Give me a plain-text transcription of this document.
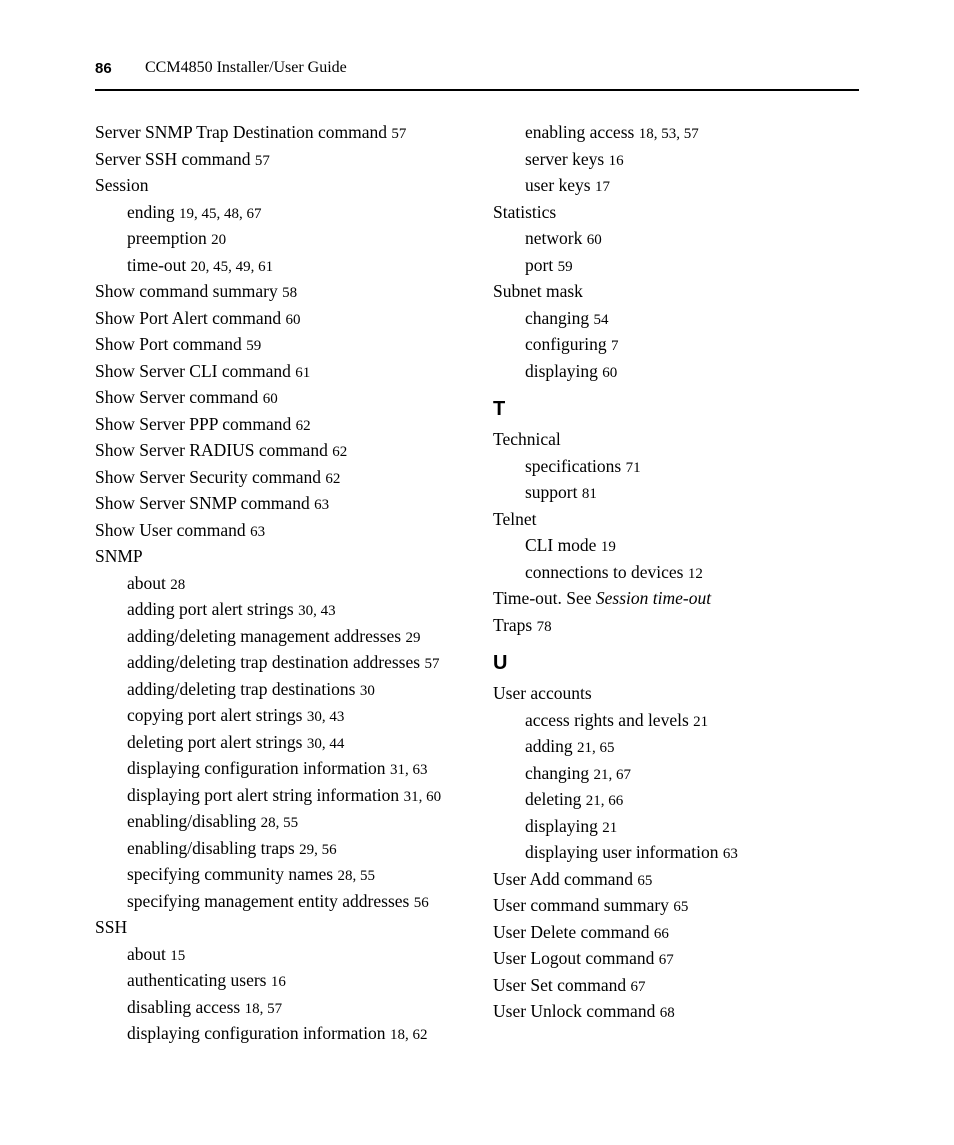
86 CCM4850 Installer/User Guide
Server SNMP Trap Destination command 57
Server SSH command 57
Session
ending 19, 45, 48, 67
preemption 20
time-out 20, 45, 49, 61
Show command summary 58
Show Port Alert command 60
Show Port command 59
Show Server CLI command 61
Show Server command 60
Show Server PPP command 62
Show Server RADIUS command 62
Show Server Security command 62
Show Server SNMP command 63
Show User command 63
SNMP
about 28
adding port alert strings 30, 43
adding/deleting management addresses 29
adding/deleting trap destination addresses 57
adding/deleting trap destinations 30
copying port alert strings 30, 43
deleting port alert strings 30, 44
displaying configuration information 31, 63
displaying port alert string information 31, 60
enabling/disabling 28, 55
enabling/disabling traps 29, 56
specifying community names 28, 55
specifying management entity addresses 56
SSH
about 15
authenticating users 16
disabling access 18, 57
displaying configuration information 18, 62
enabling access 18, 53, 57
server keys 16
user keys 17
Statistics
network 60
port 59
Subnet mask
changing 54
configuring 7
displaying 60
T
Technical
specifications 71
support 81
Telnet
CLI mode 19
connections to devices 12
Time-out. See Session time-out
Traps 78
U
User accounts
access rights and levels 21
adding 21, 65
changing 21, 67
deleting 21, 66
displaying 21
displaying user information 63
User Add command 65
User command summary 65
User Delete command 66
User Logout command 67
User Set command 67
User Unlock command 68
